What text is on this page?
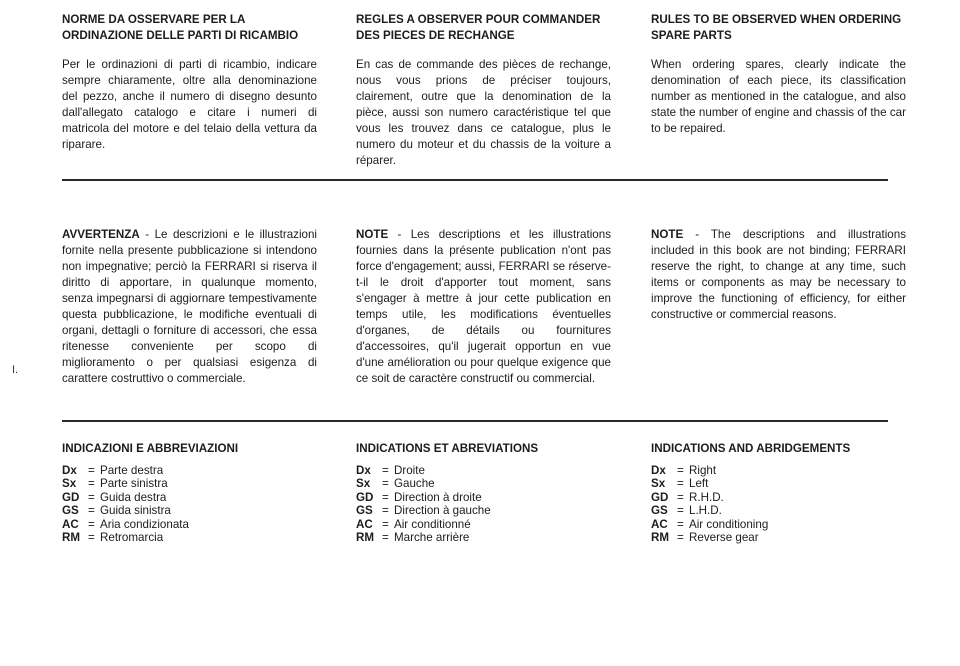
NORME DA OSSERVARE PER LA ORDINAZIONE DELLE PARTI DI RICAMBIO

Per le ordinazioni di parti di ricambio, indicare sempre chiaramente, oltre alla denominazione del pezzo, anche il numero di disegno desunto dall'allegato catalogo e citare i numeri di matricola del motore e del telaio della vettura da riparare.

REGLES A OBSERVER POUR COMMANDER DES PIECES DE RECHANGE

En cas de commande des pièces de rechange, nous vous prions de préciser toujours, clairement, outre que la denomination de la pièce, aussi son numero caractéristique tel que vous les trouvez dans ce catalogue, plus le numero du moteur et du chassis de la voiture a réparer.

RULES TO BE OBSERVED WHEN ORDERING SPARE PARTS

When ordering spares, clearly indicate the denomination of each piece, its classification number as mentioned in the catalogue, and also state the number of engine and chassis of the car to be repaired.

I.

AVVERTENZA - Le descrizioni e le illustrazioni fornite nella presente pubblicazione si intendono non impegnative; perciò la FERRARI si riserva il diritto di apportare, in qualunque momento, senza impegnarsi di aggiornare tempestivamente questa pubblicazione, le modifiche eventuali di organi, dettagli o forniture di accessori, che essa ritenesse conveniente per scopo di miglioramento o per qualsiasi esigenza di carattere costruttivo o commerciale.

NOTE - Les descriptions et les illustrations fournies dans la présente publication n'ont pas force d'engagement; aussi, FERRARI se réserve-t-il le droit d'apporter tout moment, sans s'engager à mettre à jour cette publication en temps utile, les modifications éventuelles d'organes, de détails ou fournitures d'accessoires, qu'il jugerait opportun en vue d'une amélioration ou pour quelque exigence que ce soit de caractère constructif ou commercial.

NOTE - The descriptions and illustrations included in this book are not binding; FERRARI reserve the right, to change at any time, such items or components as may be necessary to improve the functioning of efficiency, for either constructive or commercial reasons.

INDICAZIONI E ABBREVIAZIONI

Dx = Parte destra
Sx	= Parte sinistra
GD = Guida destra
GS = Guida sinistra
AC = Aria condizionata
RM = Retromarcia

INDICATIONS ET ABREVIATIONS

Dx = Droite
Sx	= Gauche
GD = Direction à droite
GS = Direction à gauche
AC = Air conditionné
RM = Marche arrière

INDICATIONS AND ABRIDGEMENTS

Dx = Right
Sx	= Left
GD = R.H.D.
GS = L.H.D.
AC = Air conditioning
RM = Reverse gear
